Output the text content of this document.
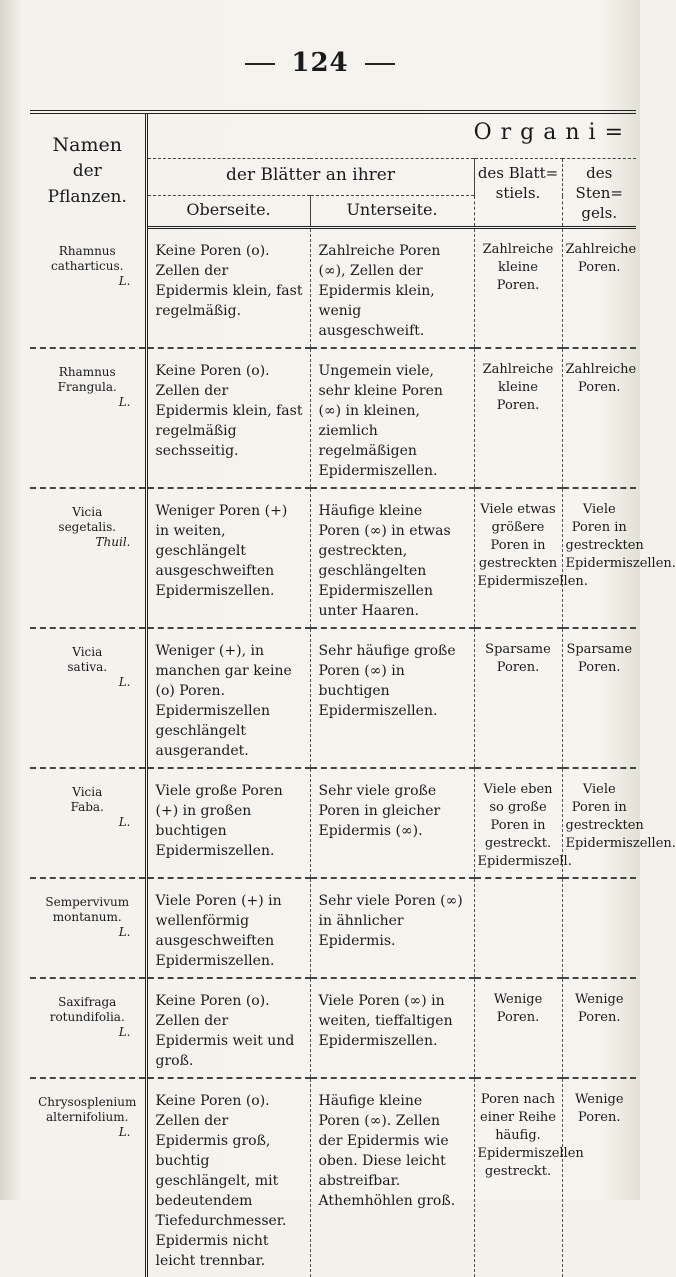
124
Namen
der
Pflanzen.	Organi=			
	der Blätter an ihrer		des Blatt=
stiels.	des Sten=
gels.
	Oberseite.	Unterseite.		
Rhamnus
catharticus.
L.	Keine Poren (o). Zellen der Epidermis klein, fast regelmäßig.	Zahlreiche Poren (∞), Zellen der Epidermis klein, wenig ausgeschweift.	Zahlreiche kleine Poren.	Zahlreiche Poren.
Rhamnus
Frangula.
L.	Keine Poren (o). Zellen der Epidermis klein, fast regelmäßig sechsseitig.	Ungemein viele, sehr kleine Poren (∞) in kleinen, ziemlich regelmäßigen Epidermiszellen.	Zahlreiche kleine Poren.	Zahlreiche Poren.
Vicia
segetalis.
Thuil.	Weniger Poren (+) in weiten, geschlängelt ausgeschweiften Epidermiszellen.	Häufige kleine Poren (∞) in etwas gestreckten, geschlängelten Epidermiszellen unter Haaren.	Viele etwas größere Poren in gestreckten Epidermiszellen.	Viele Poren in gestreckten Epidermiszellen.
Vicia
sativa.
L.	Weniger (+), in manchen gar keine (o) Poren. Epidermiszellen geschlängelt ausgerandet.	Sehr häufige große Poren (∞) in buchtigen Epidermiszellen.	Sparsame Poren.	Sparsame Poren.
Vicia
Faba.
L.	Viele große Poren (+) in großen buchtigen Epidermiszellen.	Sehr viele große Poren in gleicher Epidermis (∞).	Viele eben so große Poren in gestreckt. Epidermiszell.	Viele Poren in gestreckten Epidermiszellen.
Sempervivum
montanum.
L.	Viele Poren (+) in wellenförmig ausgeschweiften Epidermiszellen.	Sehr viele Poren (∞) in ähnlicher Epidermis.		
Saxifraga
rotundifolia.
L.	Keine Poren (o). Zellen der Epidermis weit und groß.	Viele Poren (∞) in weiten, tieffaltigen Epidermiszellen.	Wenige Poren.	Wenige Poren.
Chrysosplenium
alternifolium.
L.	Keine Poren (o). Zellen der Epidermis groß, buchtig geschlängelt, mit bedeutendem Tiefedurchmesser. Epidermis nicht leicht trennbar.	Häufige kleine Poren (∞). Zellen der Epidermis wie oben. Diese leicht abstreifbar. Athemhöhlen groß.	Poren nach einer Reihe häufig. Epidermiszellen gestreckt.	Wenige Poren.
